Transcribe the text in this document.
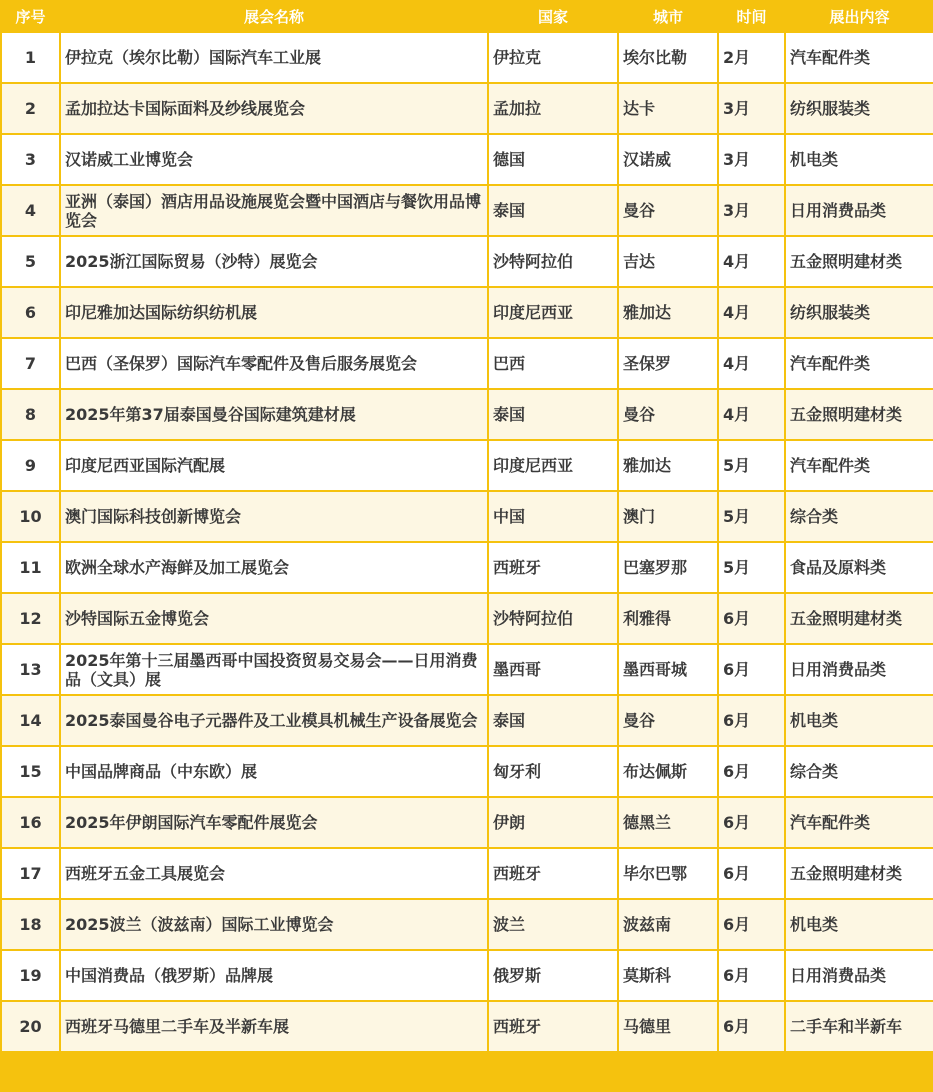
序号	展会名称	国家	城市	时间	展出内容
1	伊拉克（埃尔比勒）国际汽车工业展	伊拉克	埃尔比勒	2月	汽车配件类
2	孟加拉达卡国际面料及纱线展览会	孟加拉	达卡	3月	纺织服装类
3	汉诺威工业博览会	德国	汉诺威	3月	机电类
4	亚洲（泰国）酒店用品设施展览会暨中国酒店与餐饮用品博览会	泰国	曼谷	3月	日用消费品类
5	2025浙江国际贸易（沙特）展览会	沙特阿拉伯	吉达	4月	五金照明建材类
6	印尼雅加达国际纺织纺机展	印度尼西亚	雅加达	4月	纺织服装类
7	巴西（圣保罗）国际汽车零配件及售后服务展览会	巴西	圣保罗	4月	汽车配件类
8	2025年第37届泰国曼谷国际建筑建材展	泰国	曼谷	4月	五金照明建材类
9	印度尼西亚国际汽配展	印度尼西亚	雅加达	5月	汽车配件类
10	澳门国际科技创新博览会	中国	澳门	5月	综合类
11	欧洲全球水产海鲜及加工展览会	西班牙	巴塞罗那	5月	食品及原料类
12	沙特国际五金博览会	沙特阿拉伯	利雅得	6月	五金照明建材类
13	2025年第十三届墨西哥中国投资贸易交易会——日用消费品（文具）展	墨西哥	墨西哥城	6月	日用消费品类
14	2025泰国曼谷电子元器件及工业模具机械生产设备展览会	泰国	曼谷	6月	机电类
15	中国品牌商品（中东欧）展	匈牙利	布达佩斯	6月	综合类
16	2025年伊朗国际汽车零配件展览会	伊朗	德黑兰	6月	汽车配件类
17	西班牙五金工具展览会	西班牙	毕尔巴鄂	6月	五金照明建材类
18	2025波兰（波兹南）国际工业博览会	波兰	波兹南	6月	机电类
19	中国消费品（俄罗斯）品牌展	俄罗斯	莫斯科	6月	日用消费品类
20	西班牙马德里二手车及半新车展	西班牙	马德里	6月	二手车和半新车
